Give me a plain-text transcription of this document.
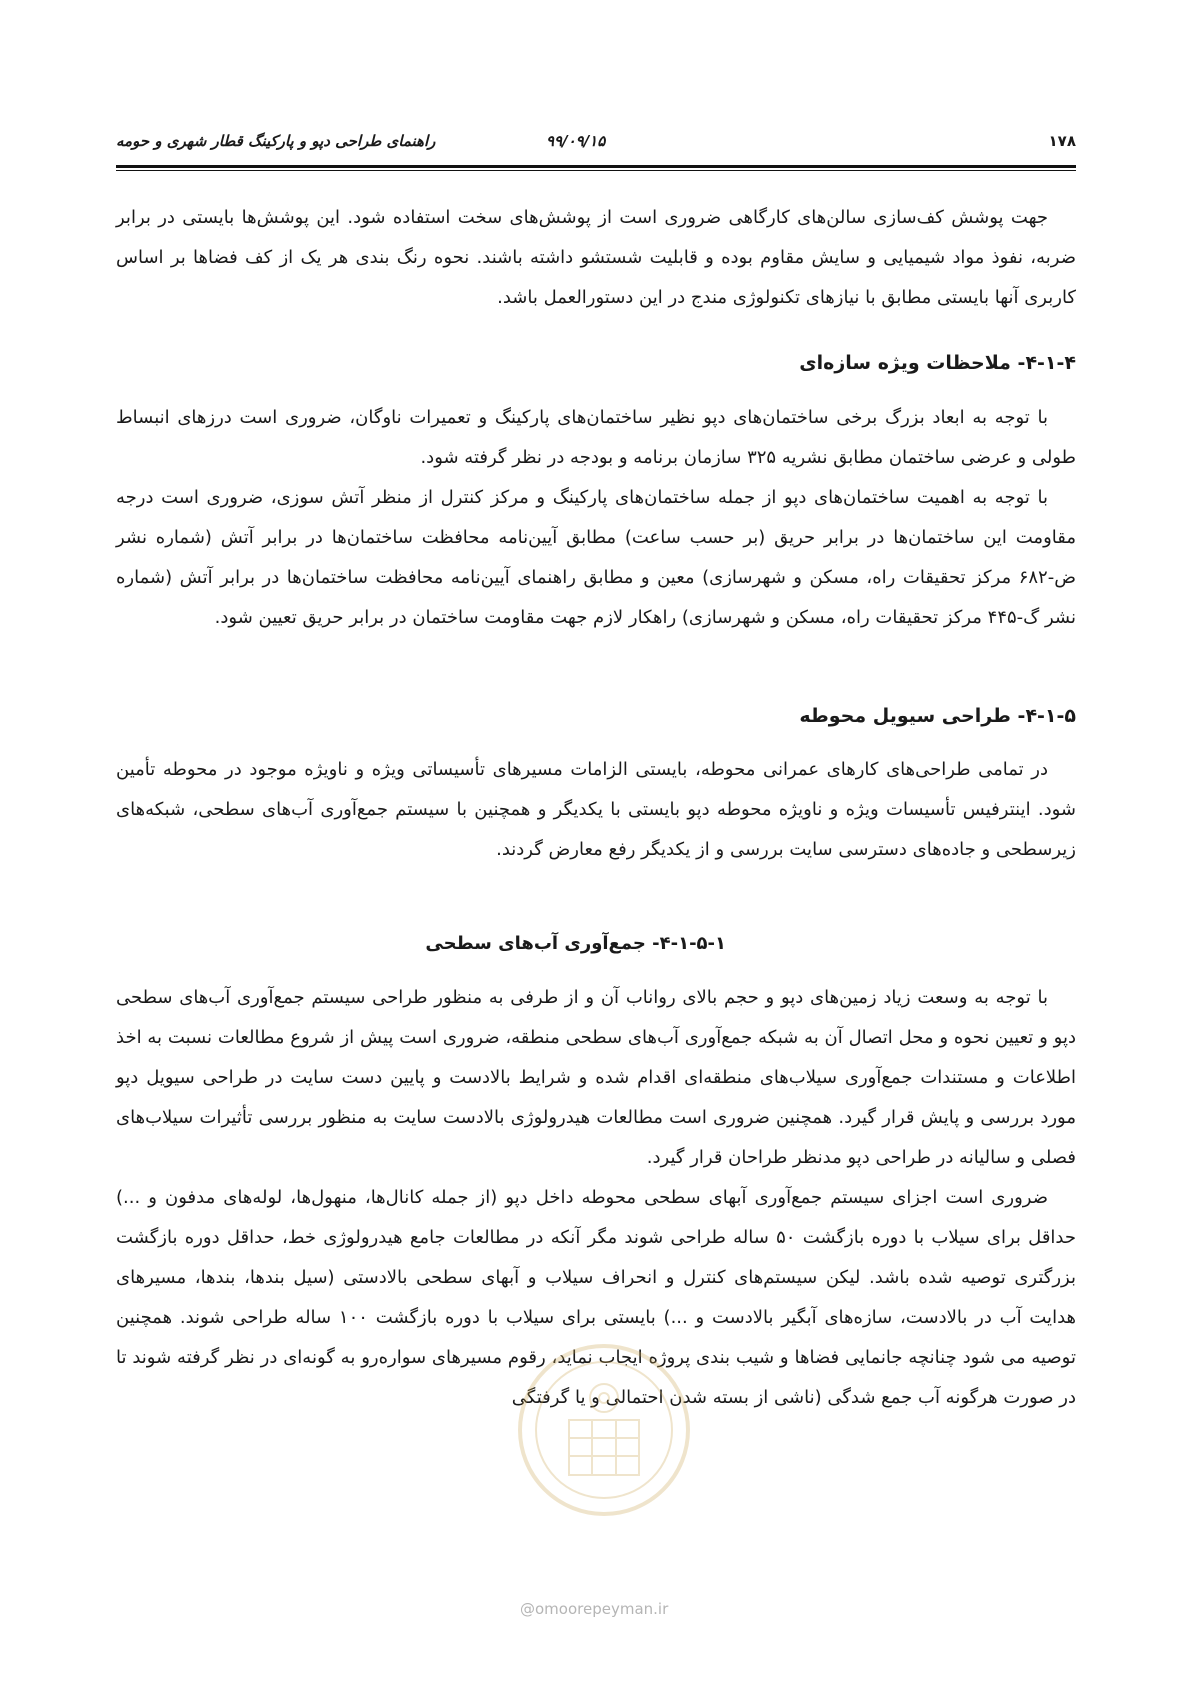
۱۷۸
۹۹/۰۹/۱۵
راهنمای طراحی دپو و پارکینگ قطار شهری و حومه

جهت پوشش کف‌سازی سالن‌های کارگاهی ضروری است از پوشش‌های سخت استفاده شود. این پوشش‌ها بایستی در برابر ضربه، نفوذ مواد شیمیایی و سایش مقاوم بوده و قابلیت شستشو داشته باشند. نحوه رنگ بندی هر یک از کف فضاها بر اساس کاربری آنها بایستی مطابق با نیازهای تکنولوژی مندج در این دستورالعمل باشد.

۴-۱-۴- ملاحظات ویژه سازه‌ای

با توجه به ابعاد بزرگ برخی ساختمان‌های دپو نظیر ساختمان‌های پارکینگ و تعمیرات ناوگان، ضروری است درزهای انبساط طولی و عرضی ساختمان مطابق نشریه ۳۲۵ سازمان برنامه و بودجه در نظر گرفته شود.

با توجه به اهمیت ساختمان‌های دپو از جمله ساختمان‌های پارکینگ و مرکز کنترل از منظر آتش سوزی، ضروری است درجه مقاومت این ساختمان‌ها در برابر حریق (بر حسب ساعت) مطابق آیین‌نامه محافظت ساختمان‌ها در برابر آتش (شماره نشر ض-۶۸۲ مرکز تحقیقات راه، مسکن و شهرسازی) معین و مطابق راهنمای آیین‌نامه محافظت ساختمان‌ها در برابر آتش (شماره نشر گ-۴۴۵ مرکز تحقیقات راه، مسکن و شهرسازی) راهکار لازم جهت مقاومت ساختمان در برابر حریق تعیین شود.

۴-۱-۵- طراحی سیویل محوطه

در تمامی طراحی‌های کارهای عمرانی محوطه، بایستی الزامات مسیرهای تأسیساتی ویژه و ناویژه موجود در محوطه تأمین شود. اینترفیس تأسیسات ویژه و ناویژه محوطه دپو بایستی با یکدیگر و همچنین با سیستم جمع‌آوری آب‌های سطحی، شبکه‌های زیرسطحی و جاده‌های دسترسی سایت بررسی و از یکدیگر رفع معارض گردند.

۴-۱-۵-۱- جمع‌آوری آب‌های سطحی

با توجه به وسعت زیاد زمین‌های دپو و حجم بالای رواناب آن و از طرفی به منظور طراحی سیستم جمع‌آوری آب‌های سطحی دپو و تعیین نحوه و محل اتصال آن به شبکه جمع‌آوری آب‌های سطحی منطقه، ضروری است پیش از شروع مطالعات نسبت به اخذ اطلاعات و مستندات جمع‌آوری سیلاب‌های منطقه‌ای اقدام شده و شرایط بالادست و پایین دست سایت در طراحی سیویل دپو مورد بررسی و پایش قرار گیرد. همچنین ضروری است مطالعات هیدرولوژی بالادست سایت به منظور بررسی تأثیرات سیلاب‌های فصلی و سالیانه در طراحی دپو مدنظر طراحان قرار گیرد.

ضروری است اجزای سیستم جمع‌آوری آبهای سطحی محوطه داخل دپو (از جمله کانال‌ها، منهول‌ها، لوله‌های مدفون و ...) حداقل برای سیلاب با دوره بازگشت ۵۰ ساله طراحی شوند مگر آنکه در مطالعات جامع هیدرولوژی خط، حداقل دوره بازگشت بزرگتری توصیه شده باشد. لیکن سیستم‌های کنترل و انحراف سیلاب و آبهای سطحی بالادستی (سیل بندها، بندها، مسیرهای هدایت آب در بالادست، سازه‌های آبگیر بالادست و ...) بایستی برای سیلاب با دوره بازگشت ۱۰۰ ساله طراحی شوند. همچنین توصیه می شود چنانچه جانمایی فضاها و شیب بندی پروژه ایجاب نماید، رقوم مسیرهای سواره‌رو به گونه‌ای در نظر گرفته شوند تا در صورت هرگونه آب جمع شدگی (ناشی از بسته شدن احتمالی و یا گرفتگی

@omoorepeyman.ir
